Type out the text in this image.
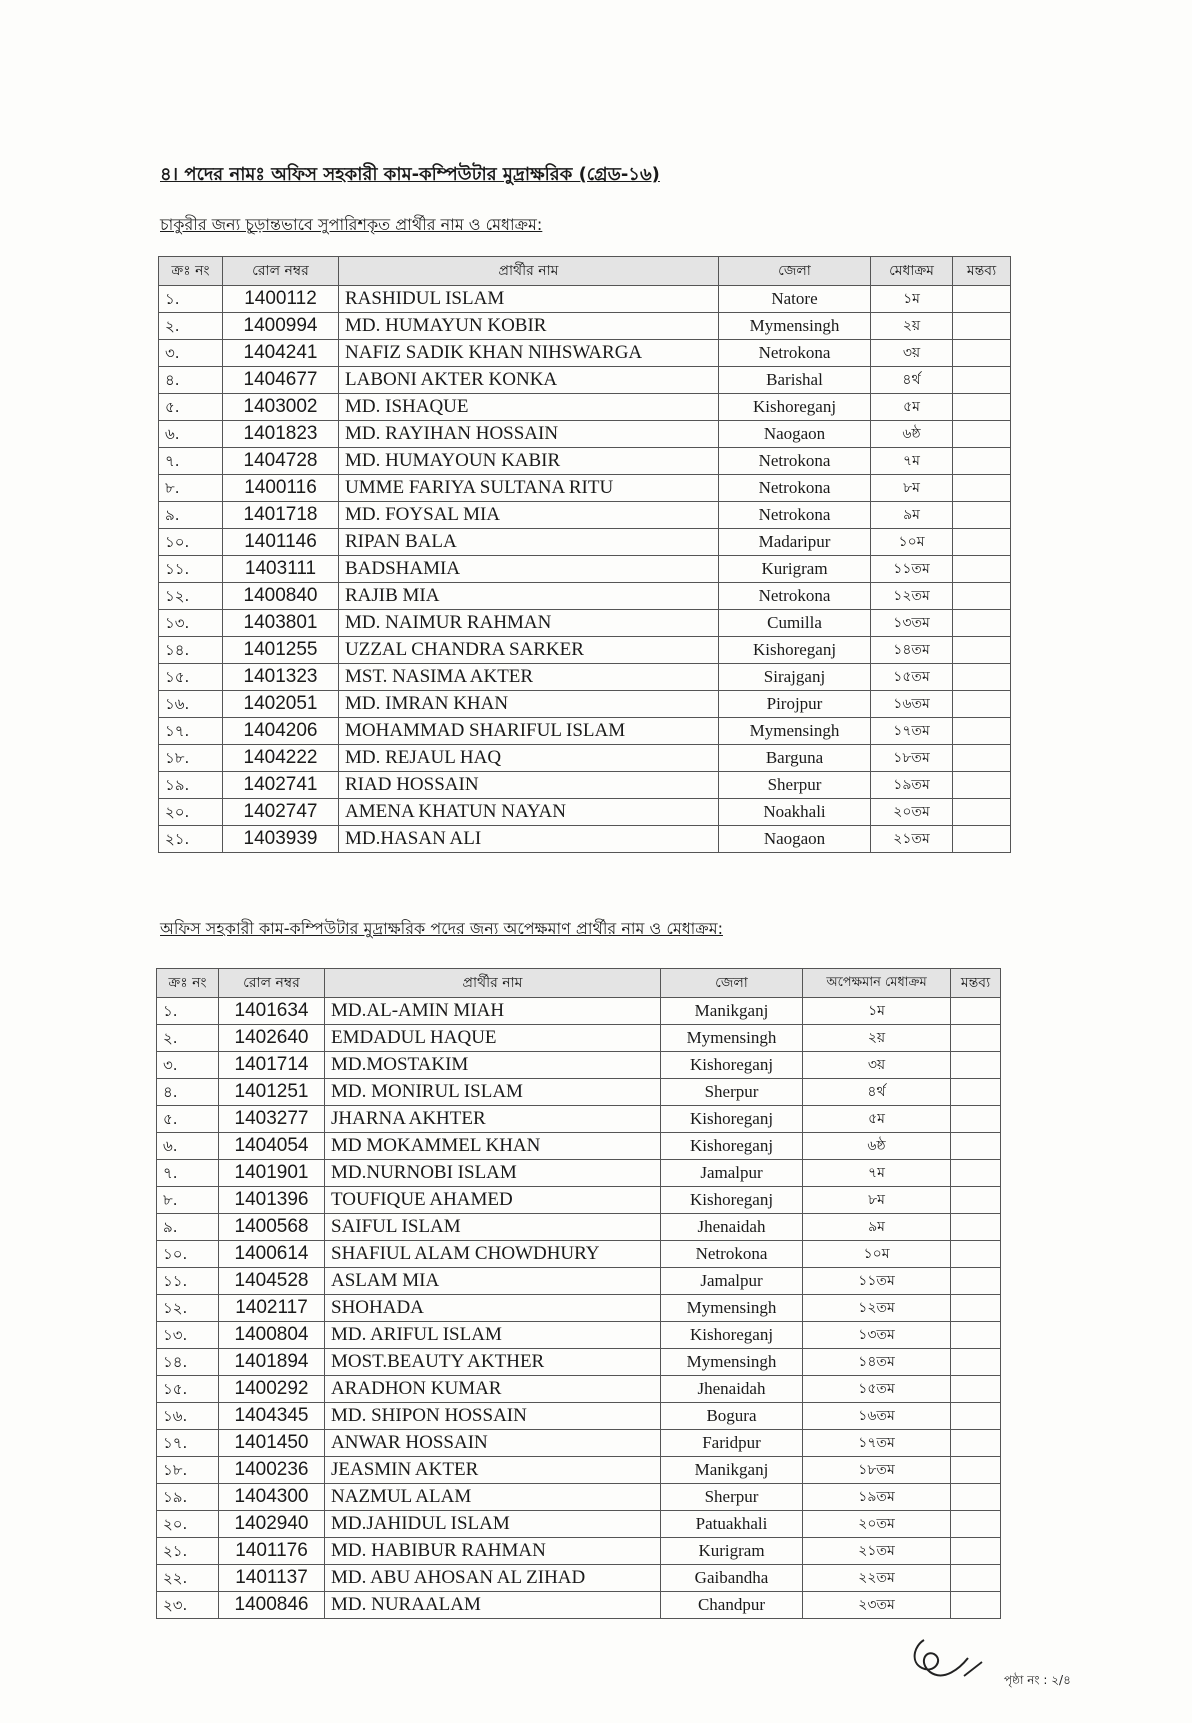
৪। পদের নামঃ অফিস সহকারী কাম-কম্পিউটার মুদ্রাক্ষরিক (গ্রেড-১৬)
চাকুরীর জন্য চূড়ান্তভাবে সুপারিশকৃত প্রার্থীর নাম ও মেধাক্রম:
ক্রঃ নং	রোল নম্বর	প্রার্থীর নাম	জেলা	মেধাক্রম	মন্তব্য
১.	1400112	RASHIDUL ISLAM	Natore	১ম	
২.	1400994	MD. HUMAYUN KOBIR	Mymensingh	২য়	
৩.	1404241	NAFIZ SADIK KHAN NIHSWARGA	Netrokona	৩য়	
৪.	1404677	LABONI AKTER KONKA	Barishal	৪র্থ	
৫.	1403002	MD. ISHAQUE	Kishoreganj	৫ম	
৬.	1401823	MD. RAYIHAN HOSSAIN	Naogaon	৬ষ্ঠ	
৭.	1404728	MD. HUMAYOUN KABIR	Netrokona	৭ম	
৮.	1400116	UMME FARIYA SULTANA RITU	Netrokona	৮ম	
৯.	1401718	MD. FOYSAL MIA	Netrokona	৯ম	
১০.	1401146	RIPAN BALA	Madaripur	১০ম	
১১.	1403111	BADSHAMIA	Kurigram	১১তম	
১২.	1400840	RAJIB MIA	Netrokona	১২তম	
১৩.	1403801	MD. NAIMUR RAHMAN	Cumilla	১৩তম	
১৪.	1401255	UZZAL CHANDRA SARKER	Kishoreganj	১৪তম	
১৫.	1401323	MST. NASIMA AKTER	Sirajganj	১৫তম	
১৬.	1402051	MD. IMRAN KHAN	Pirojpur	১৬তম	
১৭.	1404206	MOHAMMAD SHARIFUL ISLAM	Mymensingh	১৭তম	
১৮.	1404222	MD. REJAUL HAQ	Barguna	১৮তম	
১৯.	1402741	RIAD HOSSAIN	Sherpur	১৯তম	
২০.	1402747	AMENA KHATUN NAYAN	Noakhali	২০তম	
২১.	1403939	MD.HASAN ALI	Naogaon	২১তম	
অফিস সহকারী কাম-কম্পিউটার মুদ্রাক্ষরিক পদের জন্য অপেক্ষমাণ প্রার্থীর নাম ও মেধাক্রম:
ক্রঃ নং	রোল নম্বর	প্রার্থীর নাম	জেলা	অপেক্ষমান মেধাক্রম	মন্তব্য
১.	1401634	MD.AL-AMIN MIAH	Manikganj	১ম	
২.	1402640	EMDADUL HAQUE	Mymensingh	২য়	
৩.	1401714	MD.MOSTAKIM	Kishoreganj	৩য়	
৪.	1401251	MD. MONIRUL ISLAM	Sherpur	৪র্থ	
৫.	1403277	JHARNA AKHTER	Kishoreganj	৫ম	
৬.	1404054	MD MOKAMMEL KHAN	Kishoreganj	৬ষ্ঠ	
৭.	1401901	MD.NURNOBI ISLAM	Jamalpur	৭ম	
৮.	1401396	TOUFIQUE AHAMED	Kishoreganj	৮ম	
৯.	1400568	SAIFUL ISLAM	Jhenaidah	৯ম	
১০.	1400614	SHAFIUL ALAM CHOWDHURY	Netrokona	১০ম	
১১.	1404528	ASLAM MIA	Jamalpur	১১তম	
১২.	1402117	SHOHADA	Mymensingh	১২তম	
১৩.	1400804	MD. ARIFUL ISLAM	Kishoreganj	১৩তম	
১৪.	1401894	MOST.BEAUTY AKTHER	Mymensingh	১৪তম	
১৫.	1400292	ARADHON KUMAR	Jhenaidah	১৫তম	
১৬.	1404345	MD. SHIPON HOSSAIN	Bogura	১৬তম	
১৭.	1401450	ANWAR HOSSAIN	Faridpur	১৭তম	
১৮.	1400236	JEASMIN AKTER	Manikganj	১৮তম	
১৯.	1404300	NAZMUL ALAM	Sherpur	১৯তম	
২০.	1402940	MD.JAHIDUL ISLAM	Patuakhali	২০তম	
২১.	1401176	MD. HABIBUR RAHMAN	Kurigram	২১তম	
২২.	1401137	MD. ABU AHOSAN AL ZIHAD	Gaibandha	২২তম	
২৩.	1400846	MD. NURAALAM	Chandpur	২৩তম	
পৃষ্ঠা নং : ২/৪
